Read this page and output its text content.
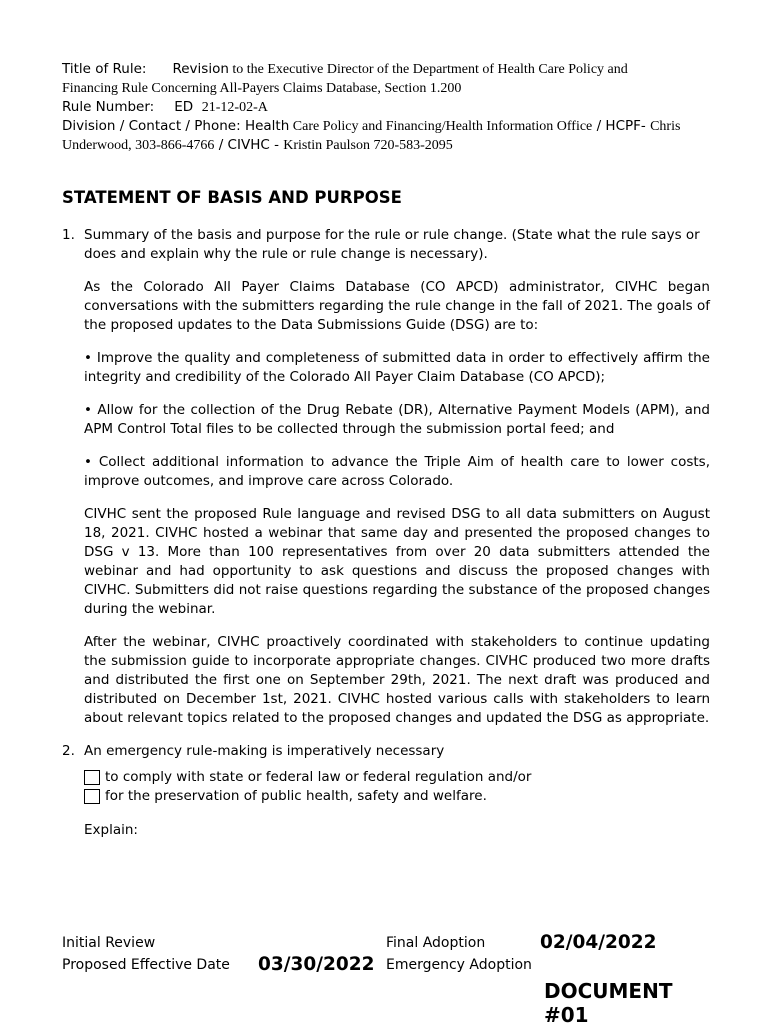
Title of Rule: Revision to the Executive Director of the Department of Health Care Policy and
Financing Rule Concerning All-Payers Claims Database, Section 1.200

Rule Number: ED 21-12-02-A

Division / Contact / Phone: Health Care Policy and Financing/Health Information Office / HCPF- Chris
Underwood, 303-866-4766 / CIVHC - Kristin Paulson 720-583-2095

STATEMENT OF BASIS AND PURPOSE
1. Summary of the basis and purpose for the rule or rule change. (State what the rule says or does and explain why the rule or rule change is necessary).

As the Colorado All Payer Claims Database (CO APCD) administrator, CIVHC began conversations with the submitters regarding the rule change in the fall of 2021. The goals of the proposed updates to the Data Submissions Guide (DSG) are to:

• Improve the quality and completeness of submitted data in order to effectively affirm the integrity and credibility of the Colorado All Payer Claim Database (CO APCD);

• Allow for the collection of the Drug Rebate (DR), Alternative Payment Models (APM), and APM Control Total files to be collected through the submission portal feed; and

• Collect additional information to advance the Triple Aim of health care to lower costs, improve outcomes, and improve care across Colorado.

CIVHC sent the proposed Rule language and revised DSG to all data submitters on August 18, 2021. CIVHC hosted a webinar that same day and presented the proposed changes to DSG v 13. More than 100 representatives from over 20 data submitters attended the webinar and had opportunity to ask questions and discuss the proposed changes with CIVHC. Submitters did not raise questions regarding the substance of the proposed changes during the webinar.

After the webinar, CIVHC proactively coordinated with stakeholders to continue updating the submission guide to incorporate appropriate changes. CIVHC produced two more drafts and distributed the first one on September 29th, 2021. The next draft was produced and distributed on December 1st, 2021. CIVHC hosted various calls with stakeholders to learn about relevant topics related to the proposed changes and updated the DSG as appropriate.

2. An emergency rule-making is imperatively necessary
to comply with state or federal law or federal regulation and/or
for the preservation of public health, safety and welfare.

Explain:

Initial Review
Proposed Effective Date 03/30/2022
Final Adoption	02/04/2022
Emergency Adoption
DOCUMENT #01
